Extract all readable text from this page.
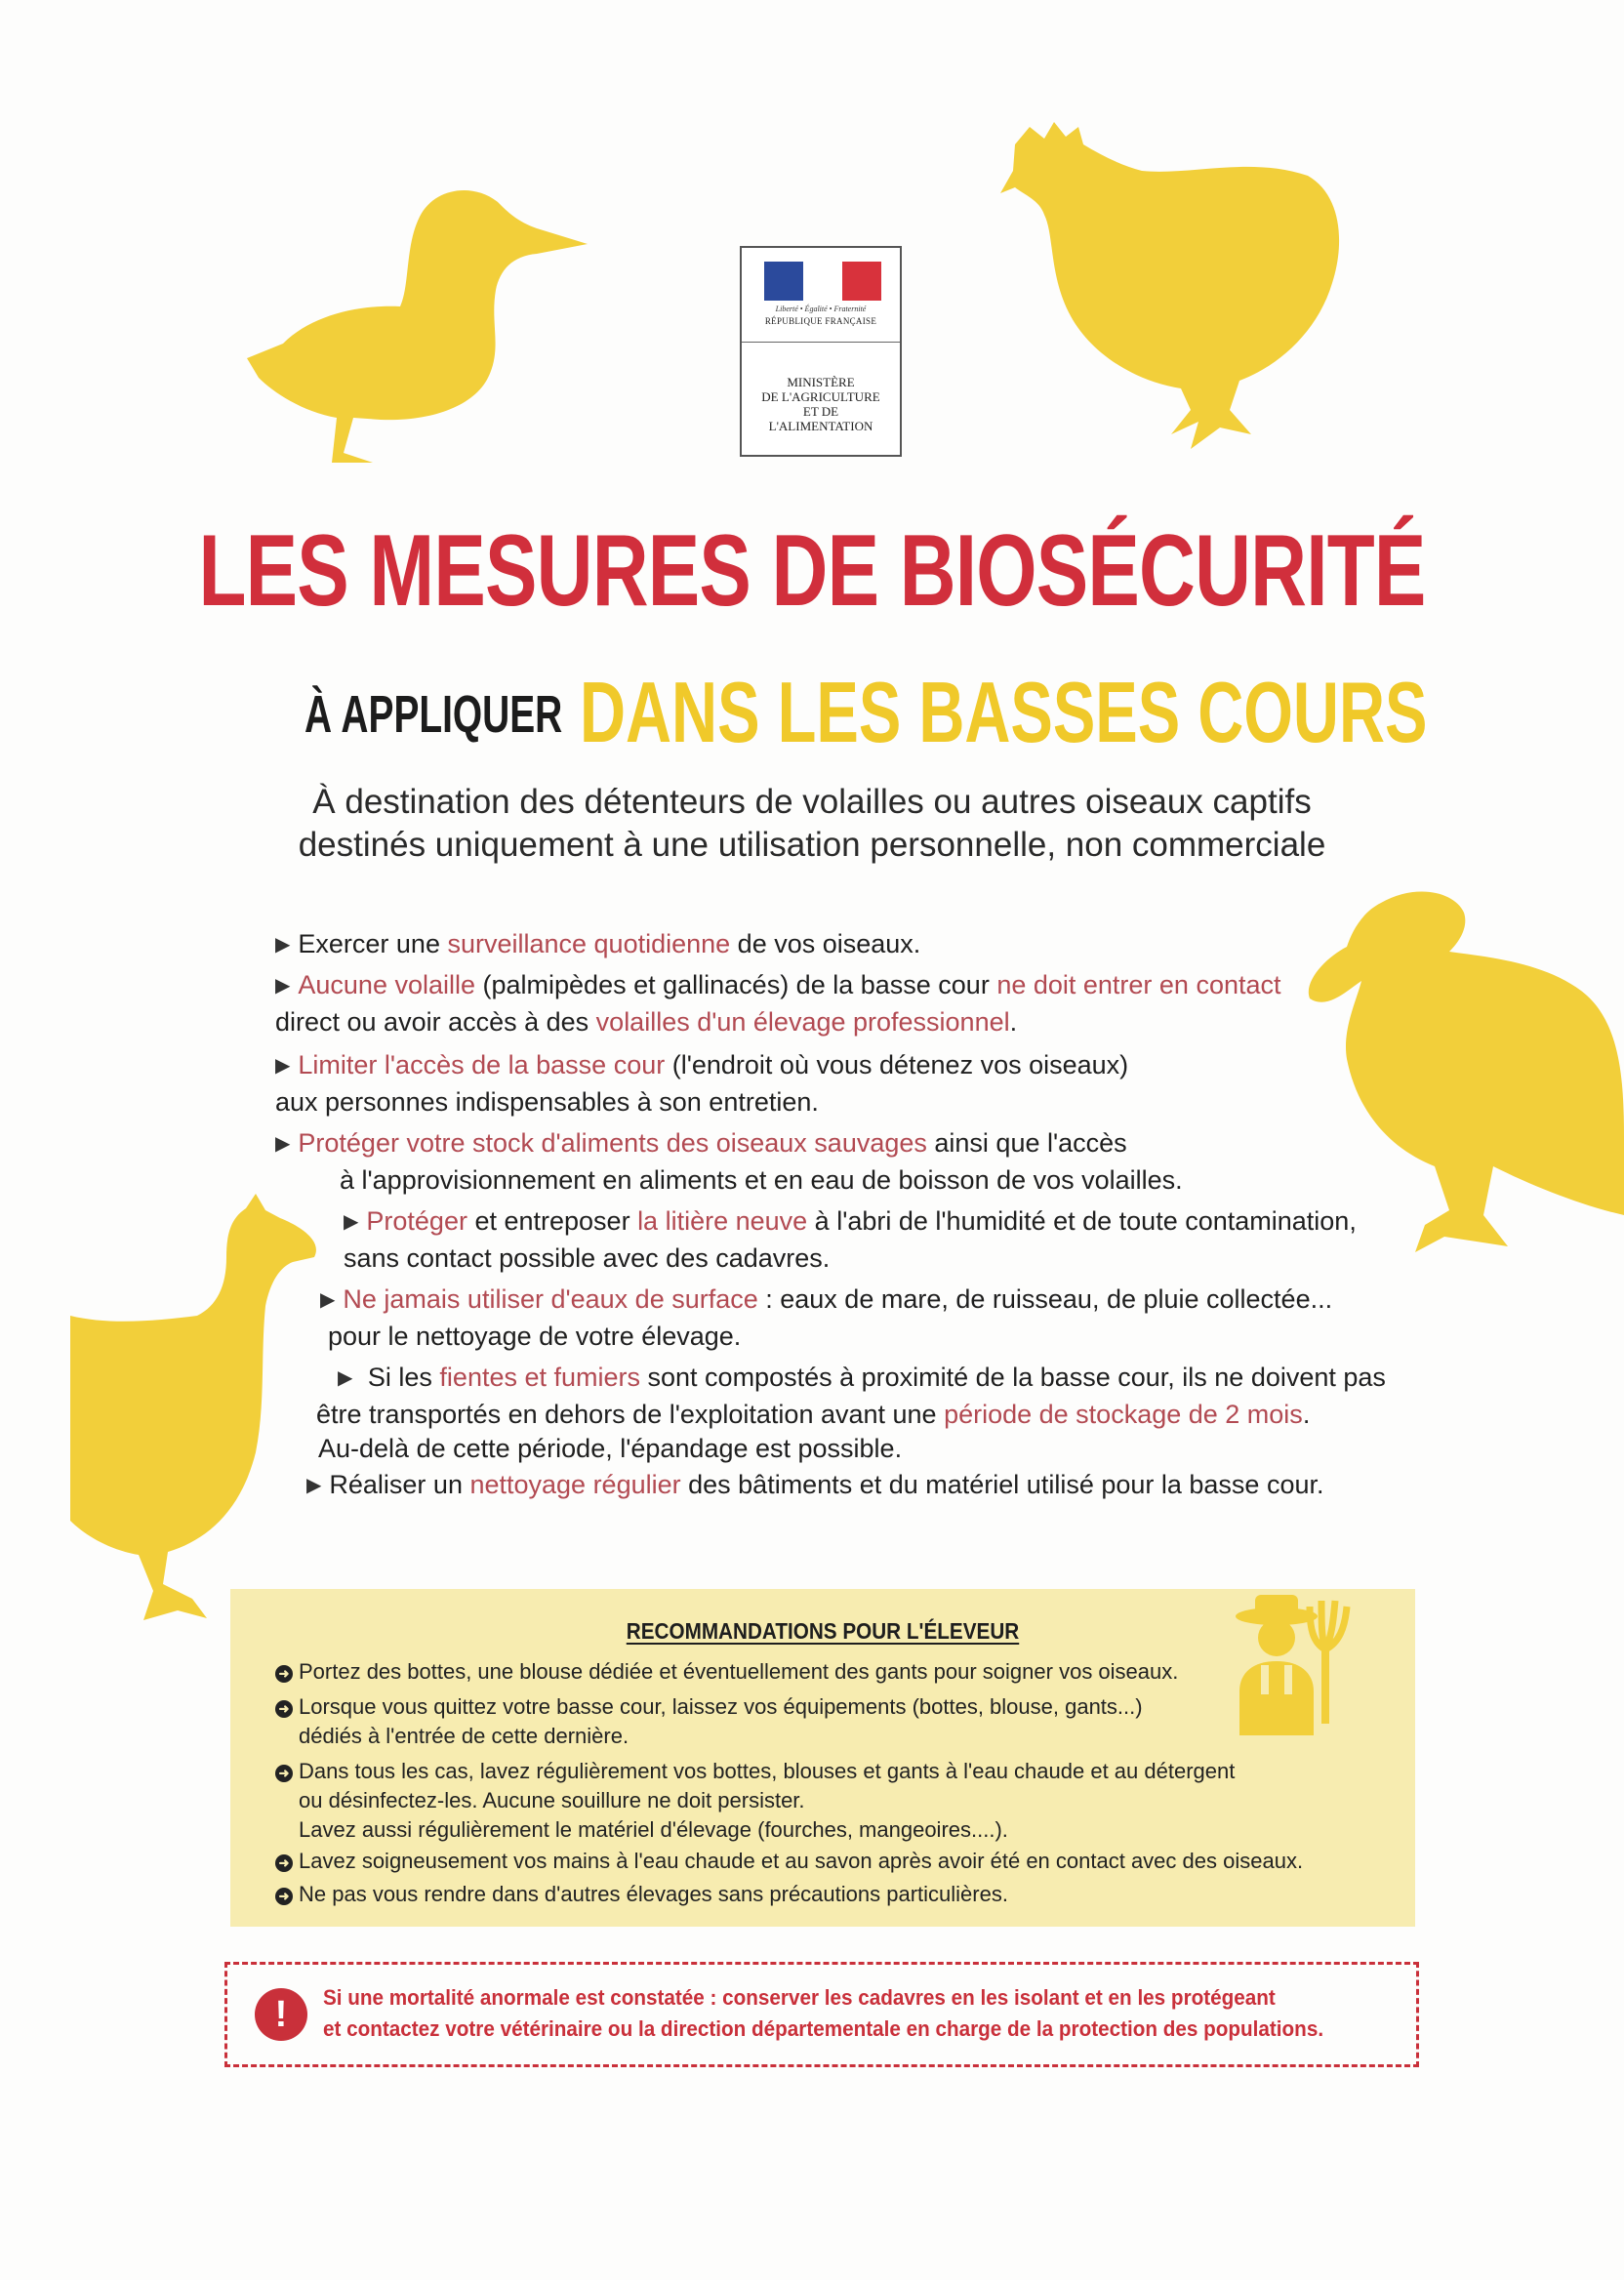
Liberté • Égalité • Fraternité
RÉPUBLIQUE FRANÇAISE
MINISTÈRE
DE L'AGRICULTURE
ET DE
L'ALIMENTATION
LES MESURES DE BIOSÉCURITÉ
À APPLIQUER DANS LES BASSES COURS
À destination des détenteurs de volailles ou autres oiseaux captifs
destinés uniquement à une utilisation personnelle, non commerciale
▶ Exercer une surveillance quotidienne de vos oiseaux.
▶ Aucune volaille (palmipèdes et gallinacés) de la basse cour ne doit entrer en contact
direct ou avoir accès à des volailles d'un élevage professionnel.
▶ Limiter l'accès de la basse cour (l'endroit où vous détenez vos oiseaux)
aux personnes indispensables à son entretien.
▶ Protéger votre stock d'aliments des oiseaux sauvages ainsi que l'accès
à l'approvisionnement en aliments et en eau de boisson de vos volailles.
▶ Protéger et entreposer la litière neuve à l'abri de l'humidité et de toute contamination,
sans contact possible avec des cadavres.
▶ Ne jamais utiliser d'eaux de surface : eaux de mare, de ruisseau, de pluie collectée...
pour le nettoyage de votre élevage.
▶ Si les fientes et fumiers sont compostés à proximité de la basse cour, ils ne doivent pas
être transportés en dehors de l'exploitation avant une période de stockage de 2 mois.
Au-delà de cette période, l'épandage est possible.
▶ Réaliser un nettoyage régulier des bâtiments et du matériel utilisé pour la basse cour.
RECOMMANDATIONS POUR L'ÉLEVEUR
➜ Portez des bottes, une blouse dédiée et éventuellement des gants pour soigner vos oiseaux.
➜ Lorsque vous quittez votre basse cour, laissez vos équipements (bottes, blouse, gants...)
dédiés à l'entrée de cette dernière.
➜ Dans tous les cas, lavez régulièrement vos bottes, blouses et gants à l'eau chaude et au détergent
ou désinfectez-les. Aucune souillure ne doit persister.
Lavez aussi régulièrement le matériel d'élevage (fourches, mangeoires....).
➜ Lavez soigneusement vos mains à l'eau chaude et au savon après avoir été en contact avec des oiseaux.
➜ Ne pas vous rendre dans d'autres élevages sans précautions particulières.
!	Si une mortalité anormale est constatée : conserver les cadavres en les isolant et en les protégeant
et contactez votre vétérinaire ou la direction départementale en charge de la protection des populations.
